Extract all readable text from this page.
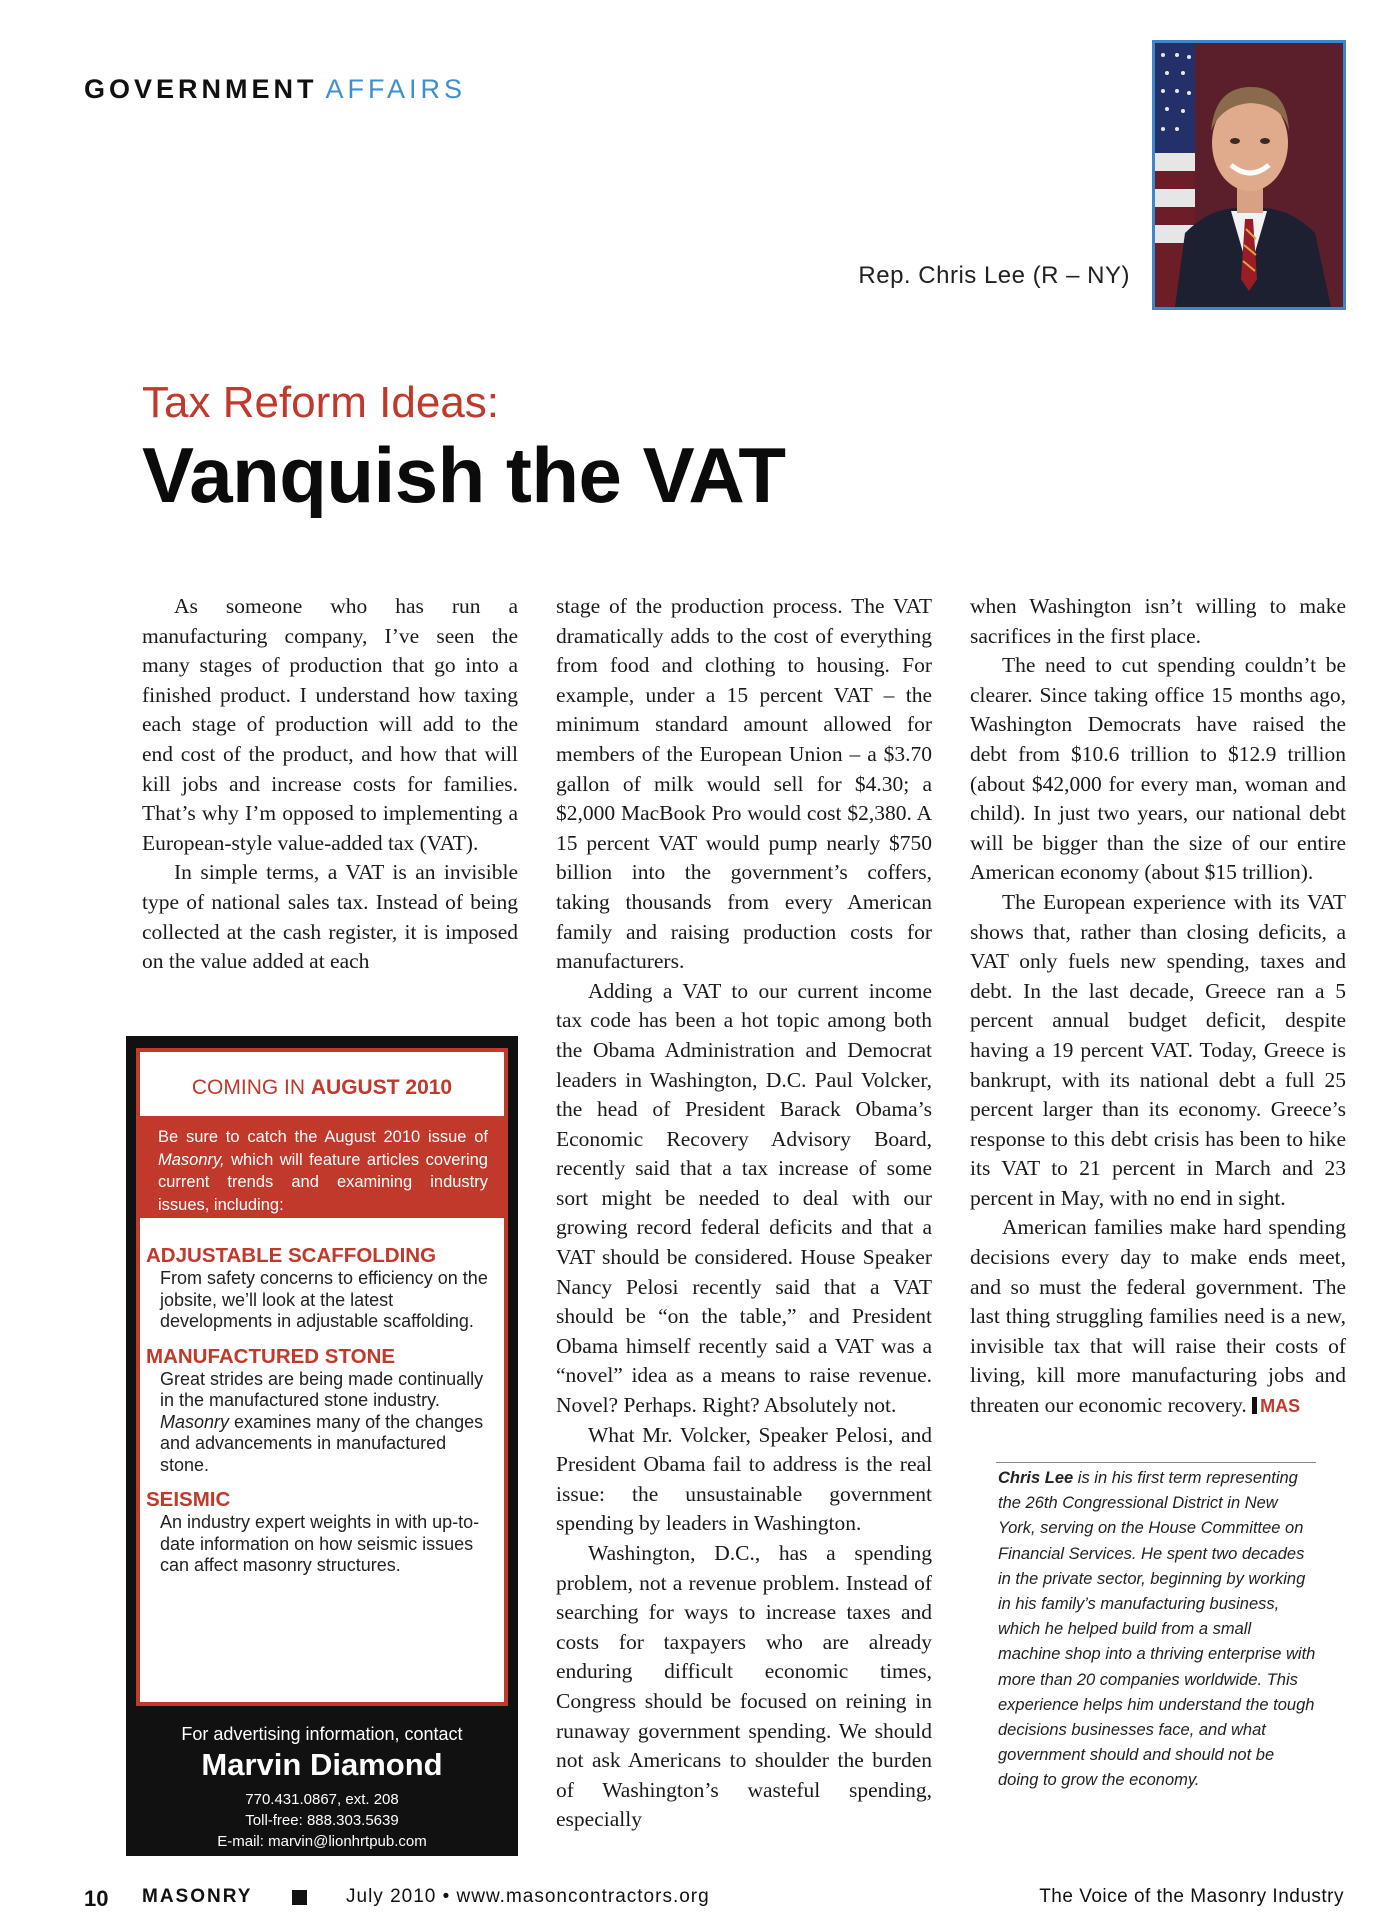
GOVERNMENT AFFAIRS
Rep. Chris Lee (R – NY)
Tax Reform Ideas:
Vanquish the VAT

As someone who has run a manufacturing company, I’ve seen the many stages of production that go into a finished product. I understand how taxing each stage of production will add to the end cost of the product, and how that will kill jobs and increase costs for families. That’s why I’m opposed to implementing a European-style value-added tax (VAT).

In simple terms, a VAT is an invisible type of national sales tax. Instead of being collected at the cash register, it is imposed on the value added at each

stage of the production process. The VAT dramatically adds to the cost of everything from food and clothing to housing. For example, under a 15 percent VAT – the minimum standard amount allowed for members of the European Union – a $3.70 gallon of milk would sell for $4.30; a $2,000 MacBook Pro would cost $2,380. A 15 percent VAT would pump nearly $750 billion into the government’s coffers, taking thousands from every American family and raising production costs for manufacturers.

Adding a VAT to our current income tax code has been a hot topic among both the Obama Administration and Democrat leaders in Washington, D.C. Paul Volcker, the head of President Barack Obama’s Economic Recovery Advisory Board, recently said that a tax increase of some sort might be needed to deal with our growing record federal deficits and that a VAT should be considered. House Speaker Nancy Pelosi recently said that a VAT should be “on the table,” and President Obama himself recently said a VAT was a “novel” idea as a means to raise revenue. Novel? Perhaps. Right? Absolutely not.

What Mr. Volcker, Speaker Pelosi, and President Obama fail to address is the real issue: the unsustainable government spending by leaders in Washington.

Washington, D.C., has a spending problem, not a revenue problem. Instead of searching for ways to increase taxes and costs for taxpayers who are already enduring difficult economic times, Congress should be focused on reining in runaway government spending. We should not ask Americans to shoulder the burden of Washington’s wasteful spending, especially

when Washington isn’t willing to make sacrifices in the first place.

The need to cut spending couldn’t be clearer. Since taking office 15 months ago, Washington Democrats have raised the debt from $10.6 trillion to $12.9 trillion (about $42,000 for every man, woman and child). In just two years, our national debt will be bigger than the size of our entire American economy (about $15 trillion).

The European experience with its VAT shows that, rather than closing deficits, a VAT only fuels new spending, taxes and debt. In the last decade, Greece ran a 5 percent annual budget deficit, despite having a 19 percent VAT. Today, Greece is bankrupt, with its national debt a full 25 percent larger than its economy. Greece’s response to this debt crisis has been to hike its VAT to 21 percent in March and 23 percent in May, with no end in sight.

American families make hard spending decisions every day to make ends meet, and so must the federal government. The last thing struggling families need is a new, invisible tax that will raise their costs of living, kill more manufacturing jobs and threaten our economic recovery. MAS

Chris Lee is in his first term representing the 26th Congressional District in New York, serving on the House Committee on Financial Services. He spent two decades in the private sector, beginning by working in his family’s manufacturing business, which he helped build from a small machine shop into a thriving enterprise with more than 20 companies worldwide. This experience helps him understand the tough decisions businesses face, and what government should and should not be doing to grow the economy.
COMING IN AUGUST 2010
Be sure to catch the August 2010 issue of Masonry, which will feature articles covering current trends and examining industry issues, including:
ADJUSTABLE SCAFFOLDING
From safety concerns to efficiency on the jobsite, we’ll look at the latest developments in adjustable scaffolding.
MANUFACTURED STONE
Great strides are being made continually in the manufactured stone industry. Masonry examines many of the changes and advancements in manufactured stone.
SEISMIC
An industry expert weights in with up-to-date information on how seismic issues can affect masonry structures.
For advertising information, contact
Marvin Diamond
770.431.0867, ext. 208
Toll-free: 888.303.5639
E-mail: marvin@lionhrtpub.com
10 MASONRY	July 2010 • www.masoncontractors.org	The Voice of the Masonry Industry
